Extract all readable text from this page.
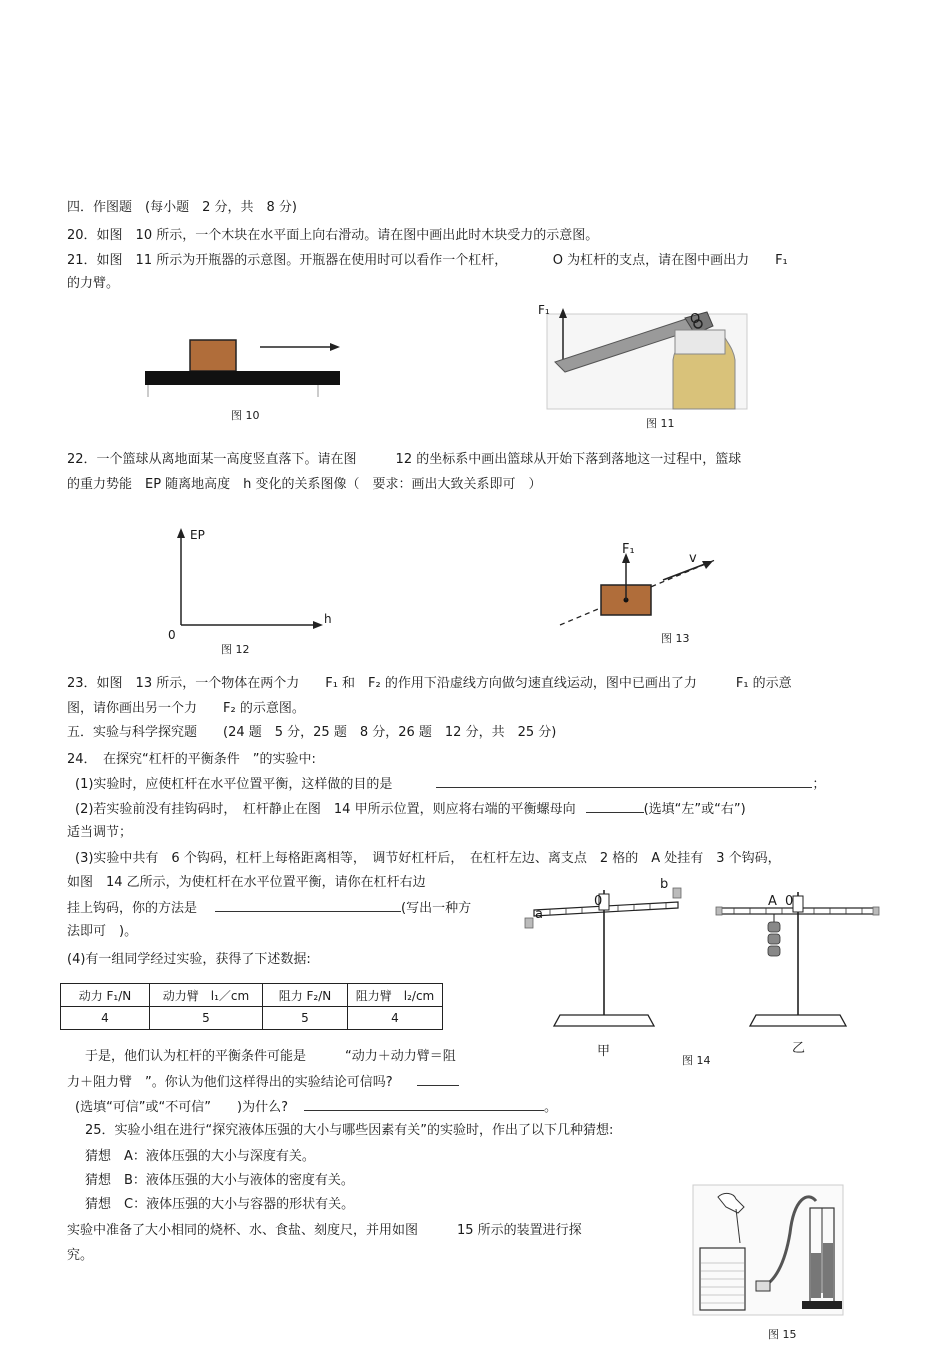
四．作图题　(每小题　2 分，共　8 分)
20．如图　10 所示，一个木块在水平面上向右滑动。请在图中画出此时木块受力的示意图。
21．如图　11 所示为开瓶器的示意图。开瓶器在使用时可以看作一个杠杆，　　　　O 为杠杆的支点，请在图中画出力　　F₁
的力臂。
图 10
F₁
O
图 11
22．一个篮球从离地面某一高度竖直落下。请在图　　　12 的坐标系中画出篮球从开始下落到落地这一过程中，篮球
的重力势能　EP 随离地高度　h 变化的关系图像（　要求：画出大致关系即可　）
EP
h
0
图 12
F₁
v
图 13
23．如图　13 所示，一个物体在两个力　　F₁ 和　F₂ 的作用下沿虚线方向做匀速直线运动，图中已画出了力　　　F₁ 的示意
图，请你画出另一个力　　F₂ 的示意图。
五．实验与科学探究题　　(24 题　5 分，25 题　8 分，26 题　12 分，共　25 分)
24．　在探究“杠杆的平衡条件　”的实验中:
(1)实验时，应使杠杆在水平位置平衡，这样做的目的是	；
(2)若实验前没有挂钩码时，　杠杆静止在图　14 甲所示位置，则应将右端的平衡螺母向	(选填“左”或“右”)
适当调节；
(3)实验中共有　6 个钩码，杠杆上每格距离相等，　调节好杠杆后，　在杠杆左边、离支点　2 格的　A 处挂有　3 个钩码，
如图　14 乙所示，为使杠杆在水平位置平衡，请你在杠杆右边
挂上钩码，你的方法是	(写出一种方
法即可　)。
(4)有一组同学经过实验，获得了下述数据:
动力 F₁/N	动力臂　l₁／cm	阻力 F₂/N	阻力臂　l₂/cm
4	5	5	4
b
a
0	A 0
甲	乙
图 14
于是，他们认为杠杆的平衡条件可能是　　　“动力＋动力臂＝阻
力＋阻力臂　”。你认为他们这样得出的实验结论可信吗?
(选填“可信”或“不可信”　　)为什么?	。
25．实验小组在进行“探究液体压强的大小与哪些因素有关”的实验时，作出了以下几种猜想:
猜想　A：液体压强的大小与深度有关。
猜想　B：液体压强的大小与液体的密度有关。
猜想　C：液体压强的大小与容器的形状有关。
实验中准备了大小相同的烧杯、水、食盐、刻度尺，并用如图　　　15 所示的装置进行探
究。
图 15
